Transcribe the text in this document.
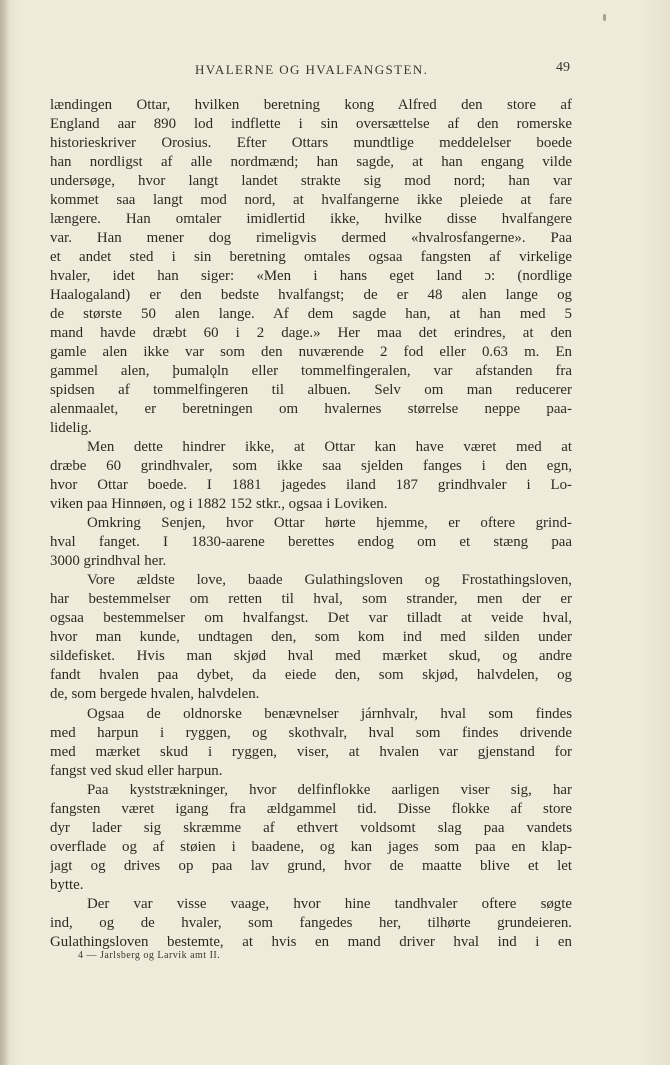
HVALERNE OG HVALFANGSTEN.	49
lændingen Ottar, hvilken beretning kong Alfred den store af
England aar 890 lod indflette i sin oversættelse af den romerske
historieskriver Orosius. Efter Ottars mundtlige meddelelser boede
han nordligst af alle nordmænd; han sagde, at han engang vilde
undersøge, hvor langt landet strakte sig mod nord; han var
kommet saa langt mod nord, at hvalfangerne ikke pleiede at fare
længere. Han omtaler imidlertid ikke, hvilke disse hvalfangere
var. Han mener dog rimeligvis dermed «hvalrosfangerne». Paa
et andet sted i sin beretning omtales ogsaa fangsten af virkelige
hvaler, idet han siger: «Men i hans eget land ɔ: (nordlige
Haalogaland) er den bedste hvalfangst; de er 48 alen lange og
de største 50 alen lange. Af dem sagde han, at han med 5
mand havde dræbt 60 i 2 dage.» Her maa det erindres, at den
gamle alen ikke var som den nuværende 2 fod eller 0.63 m. En
gammel alen, þumalǫln eller tommelfingeralen, var afstanden fra
spidsen af tommelfingeren til albuen. Selv om man reducerer
alenmaalet, er beretningen om hvalernes størrelse neppe paa-
lidelig.
Men dette hindrer ikke, at Ottar kan have været med at
dræbe 60 grindhvaler, som ikke saa sjelden fanges i den egn,
hvor Ottar boede. I 1881 jagedes iland 187 grindhvaler i Lo-
viken paa Hinnøen, og i 1882 152 stkr., ogsaa i Loviken.
Omkring Senjen, hvor Ottar hørte hjemme, er oftere grind-
hval fanget. I 1830-aarene berettes endog om et stæng paa
3000 grindhval her.
Vore ældste love, baade Gulathingsloven og Frostathingsloven,
har bestemmelser om retten til hval, som strander, men der er
ogsaa bestemmelser om hvalfangst. Det var tilladt at veide hval,
hvor man kunde, undtagen den, som kom ind med silden under
sildefisket. Hvis man skjød hval med mærket skud, og andre
fandt hvalen paa dybet, da eiede den, som skjød, halvdelen, og
de, som bergede hvalen, halvdelen.
Ogsaa de oldnorske benævnelser járnhvalr, hval som findes
med harpun i ryggen, og skothvalr, hval som findes drivende
med mærket skud i ryggen, viser, at hvalen var gjenstand for
fangst ved skud eller harpun.
Paa kyststrækninger, hvor delfinflokke aarligen viser sig, har
fangsten været igang fra ældgammel tid. Disse flokke af store
dyr lader sig skræmme af ethvert voldsomt slag paa vandets
overflade og af støien i baadene, og kan jages som paa en klap-
jagt og drives op paa lav grund, hvor de maatte blive et let
bytte.
Der var visse vaage, hvor hine tandhvaler oftere søgte
ind, og de hvaler, som fangedes her, tilhørte grundeieren.
Gulathingsloven bestemte, at hvis en mand driver hval ind i en
4 — Jarlsberg og Larvik amt II.
